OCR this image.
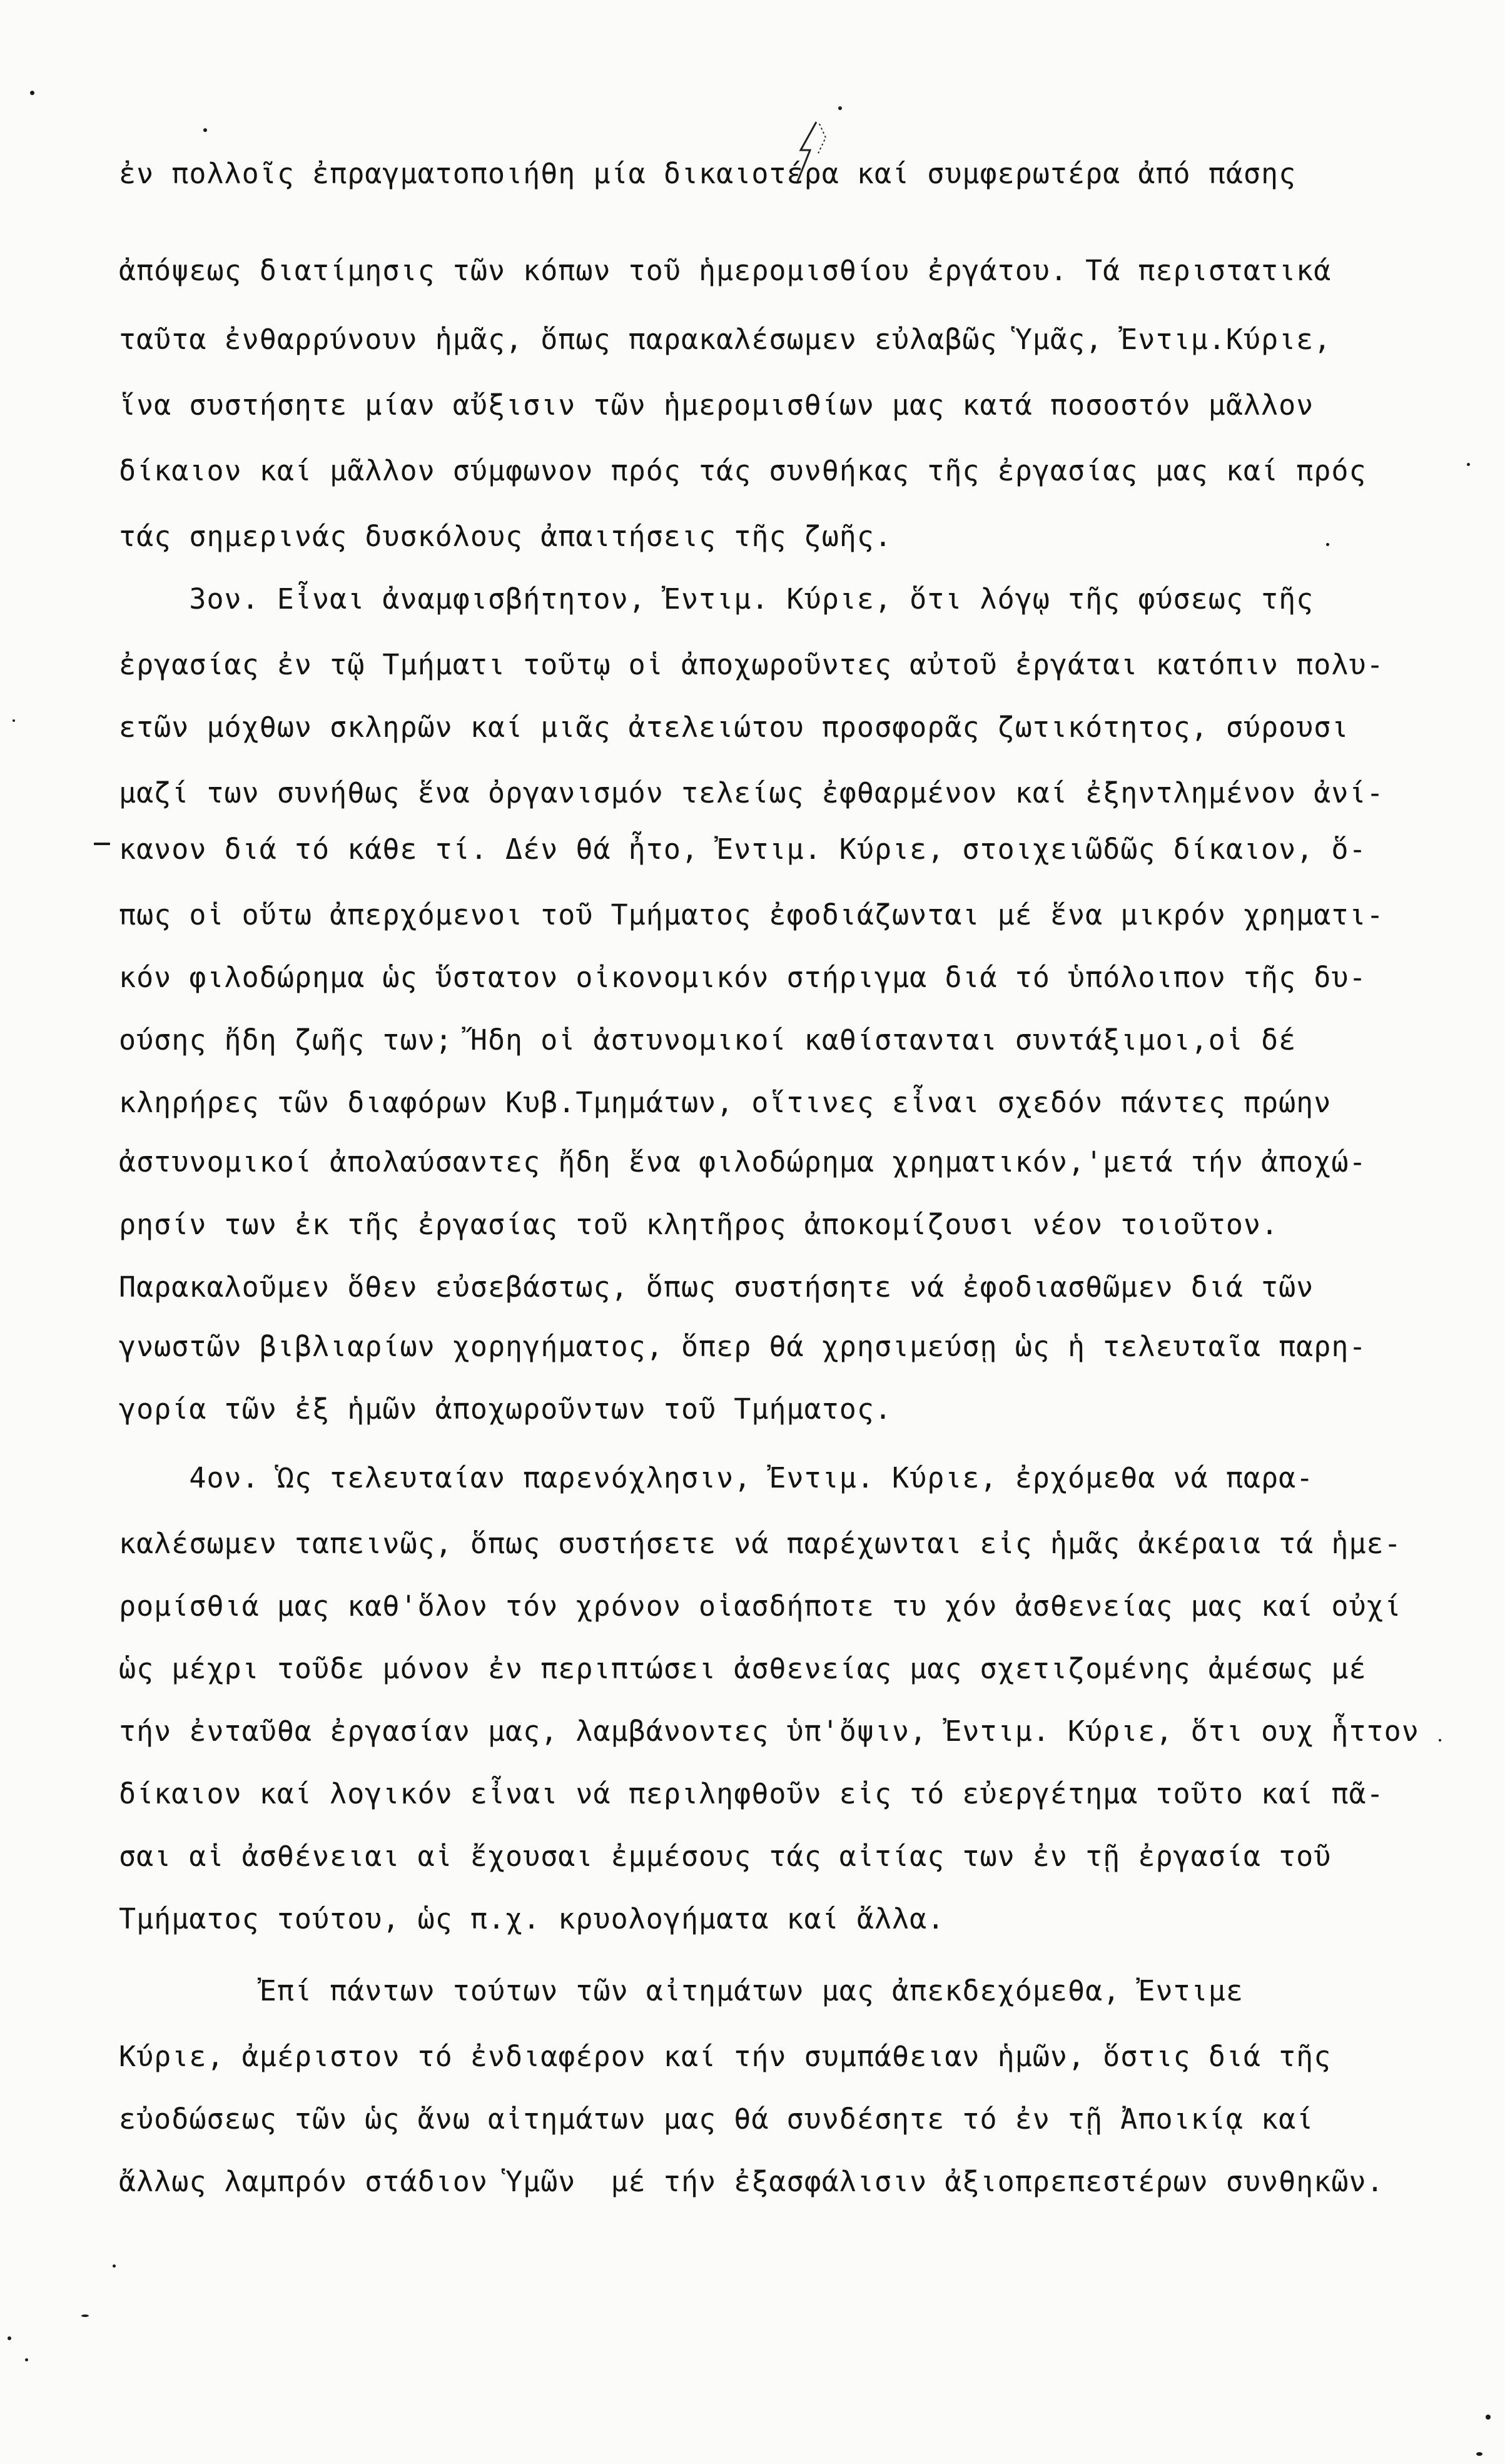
ἐν πολλοῖς ἐπραγματοποιήθη μία δικαιοτέρα καί συμφερωτέρα ἀπό πάσης
ἀπόψεως διατίμησις τῶν κόπων τοῦ ἡμερομισθίου ἐργάτου. Τά περιστατικά
ταῦτα ἐνθαρρύνουν ἡμᾶς, ὅπως παρακαλέσωμεν εὐλαβῶς Ὑμᾶς, Ἐντιμ.Κύριε,
ἵνα συστήσητε μίαν αὔξισιν τῶν ἡμερομισθίων μας κατά ποσοστόν μᾶλλον
δίκαιον καί μᾶλλον σύμφωνον πρός τάς συνθήκας τῆς ἐργασίας μας καί πρός
τάς σημερινάς δυσκόλους ἀπαιτήσεις τῆς ζωῆς.
3ον. Εἶναι ἀναμφισβήτητον, Ἐντιμ. Κύριε, ὅτι λόγῳ τῆς φύσεως τῆς
ἐργασίας ἐν τῷ Τμήματι τοῦτῳ οἱ ἀποχωροῦντες αὐτοῦ ἐργάται κατόπιν πολυ-
ετῶν μόχθων σκληρῶν καί μιᾶς ἀτελειώτου προσφορᾶς ζωτικότητος, σύρουσι
μαζί των συνήθως ἕνα ὀργανισμόν τελείως ἐφθαρμένον καί ἐξηντλημένον ἀνί-
κανον διά τό κάθε τί. Δέν θά ἦτο, Ἐντιμ. Κύριε, στοιχειῶδῶς δίκαιον, ὅ-
πως οἱ οὕτω ἀπερχόμενοι τοῦ Τμήματος ἐφοδιάζωνται μέ ἕνα μικρόν χρηματι-
κόν φιλοδώρημα ὡς ὕστατον οἰκονομικόν στήριγμα διά τό ὑπόλοιπον τῆς δυ-
ούσης ἤδη ζωῆς των; Ἤδη οἱ ἀστυνομικοί καθίστανται συντάξιμοι,οἱ δέ
κληρήρες τῶν διαφόρων Κυβ.Τμημάτων, οἵτινες εἶναι σχεδόν πάντες πρώην
ἀστυνομικοί ἀπολαύσαντες ἤδη ἕνα φιλοδώρημα χρηματικόν,'μετά τήν ἀποχώ-
ρησίν των ἐκ τῆς ἐργασίας τοῦ κλητῆρος ἀποκομίζουσι νέον τοιοῦτον.
Παρακαλοῦμεν ὅθεν εὐσεβάστως, ὅπως συστήσητε νά ἐφοδιασθῶμεν διά τῶν
γνωστῶν βιβλιαρίων χορηγήματος, ὅπερ θά χρησιμεύσῃ ὡς ἡ τελευταῖα παρη-
γορία τῶν ἐξ ἡμῶν ἀποχωροῦντων τοῦ Τμήματος.
4ον. Ὡς τελευταίαν παρενόχλησιν, Ἐντιμ. Κύριε, ἐρχόμεθα νά παρα-
καλέσωμεν ταπεινῶς, ὅπως συστήσετε νά παρέχωνται εἰς ἡμᾶς ἀκέραια τά ἡμε-
ρομίσθιά μας καθ'ὅλον τόν χρόνον οἱασδήποτε τυ χόν ἀσθενείας μας καί οὐχί
ὡς μέχρι τοῦδε μόνον ἐν περιπτώσει ἀσθενείας μας σχετιζομένης ἀμέσως μέ
τήν ἐνταῦθα ἐργασίαν μας, λαμβάνοντες ὑπ'ὄψιν, Ἐντιμ. Κύριε, ὅτι ουχ ἧττον
δίκαιον καί λογικόν εἶναι νά περιληφθοῦν εἰς τό εὐεργέτημα τοῦτο καί πᾶ-
σαι αἱ ἀσθένειαι αἱ ἔχουσαι ἐμμέσους τάς αἰτίας των ἐν τῇ ἐργασία τοῦ
Τμήματος τούτου, ὡς π.χ. κρυολογήματα καί ἄλλα.
Ἐπί πάντων τούτων τῶν αἰτημάτων μας ἀπεκδεχόμεθα, Ἐντιμε
Κύριε, ἀμέριστον τό ἐνδιαφέρον καί τήν συμπάθειαν ἡμῶν, ὅστις διά τῆς
εὐοδώσεως τῶν ὡς ἄνω αἰτημάτων μας θά συνδέσητε τό ἐν τῇ Ἀποικίᾳ καί
ἄλλως λαμπρόν στάδιον Ὑμῶν  μέ τήν ἐξασφάλισιν ἀξιοπρεπεστέρων συνθηκῶν.
